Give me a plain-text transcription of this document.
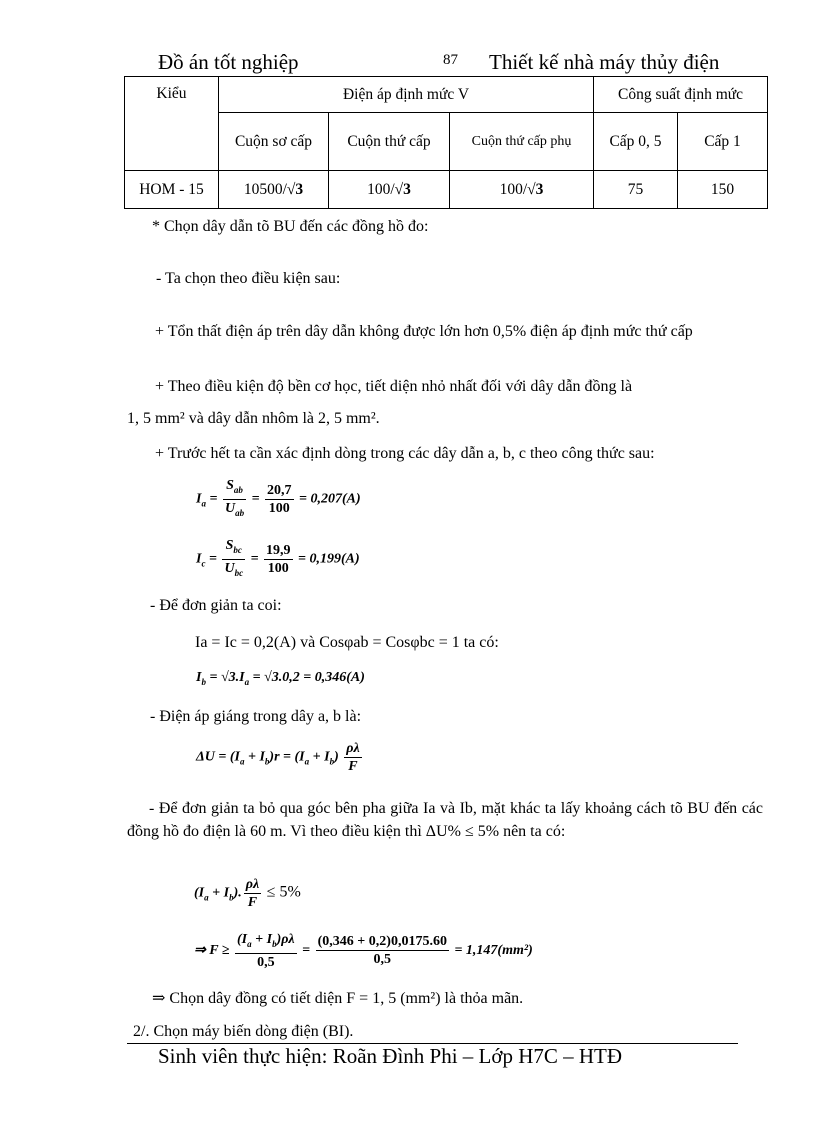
Đồ án tốt nghiệp	87 Thiết kế nhà máy thủy điện
Kiểu	Điện áp định mức V			Công suất định mức	
	Cuộn sơ cấp	Cuộn thứ cấp	Cuộn thứ cấp phụ	Cấp 0, 5	Cấp 1
HOM - 15	10500/√3	100/√3	100/√3	75	150
* Chọn dây dẫn tõ BU đến các đồng hồ đo:
- Ta chọn theo điều kiện sau:
+ Tổn thất điện áp trên dây dẫn không được lớn hơn 0,5% điện áp định mức thứ cấp
+ Theo điều kiện độ bền cơ học, tiết diện nhỏ nhất đối với dây dẫn đồng là
1, 5 mm² và dây dẫn nhôm là 2, 5 mm².
+ Trước hết ta cần xác định dòng trong các dây dẫn a, b, c theo công thức sau:
$I_a = \frac{S_{ab}}{U_{ab}} = \frac{20,7}{100} = 0,207(A)$
$I_c = \frac{S_{bc}}{U_{bc}} = \frac{19,9}{100} = 0,199(A)$
- Để đơn giản ta coi:
Ia = Ic = 0,2(A) và Cosφab = Cosφbc = 1 ta có:
$I_b = √3.I_a = √3.0,2 = 0,346(A)$
- Điện áp giáng trong dây a, b là:
$\Delta U = (I_a + I_b)r = (I_a + I_b) \frac{\rho\lambda}{F}$
- Để đơn giản ta bỏ qua góc bên pha giữa Ia và Ib, mặt khác ta lấy khoảng cách tõ BU đến các đồng hồ đo điện là 60 m. Vì theo điều kiện thì ΔU% ≤ 5% nên ta có:
$(I_a + I_b)$. $\frac{\rho\lambda}{F} \le 5\%$
⇒ $F \ge \frac{(I_a + I_b)\rho\lambda}{0,5} = \frac{(0,346 + 0,2)0,0175.60}{0,5} = 1,147(mm^2)$
⇒ Chọn dây đồng có tiết diện F = 1, 5 (mm²) là thỏa mãn.
2/. Chọn máy biến dòng điện (BI).
Sinh viên thực hiện: Roãn Đình Phi – Lớp H7C – HTĐ
